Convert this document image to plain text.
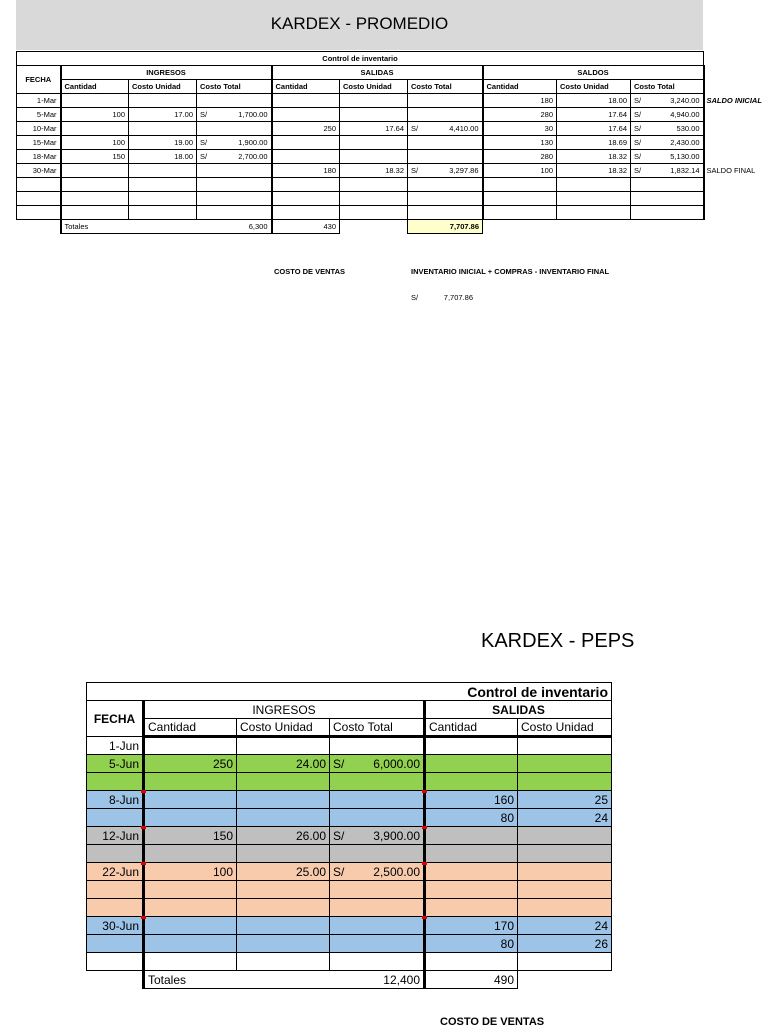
KARDEX - PROMEDIO
Control de inventario										
FECHA	INGRESOS			SALIDAS			SALDOS			
	Cantidad	Costo Unidad	Costo Total	Cantidad	Costo Unidad	Costo Total	Cantidad	Costo Unidad	Costo Total	
1-Mar							180	18.00	S/ 3,240.00	SALDO INICIAL
5-Mar	100	17.00	S/ 1,700.00				280	17.64	S/ 4,940.00	

10-Mar				250	17.64	S/ 4,410.00	30	17.64	S/ 530.00	

15-Mar	100	19.00	S/ 1,900.00				130	18.69	S/ 2,430.00	

18-Mar	150	18.00	S/ 2,700.00				280	18.32	S/ 5,130.00	

30-Mar				180	18.32	S/ 3,297.86	100	18.32	S/ 1,832.14	SALDO FINAL

	Totales		6,300	430		7,707.86				
COSTO DE VENTAS	INVENTARIO INICIAL + COMPRAS - INVENTARIO FINAL
S/	7,707.86
KARDEX - PEPS
Control de inventario					
FECHA	INGRESOS			SALIDAS	
	Cantidad	Costo Unidad	Costo Total	Cantidad	Costo Unidad
1-Jun					
5-Jun	250	24.00	S/ 6,000.00		

8-Jun				160	25
				80	24
12-Jun	150	26.00	S/ 3,900.00		

22-Jun	100	25.00	S/ 2,500.00		

30-Jun				170	24
				80	26

	Totales		12,400	490	
COSTO DE VENTAS
